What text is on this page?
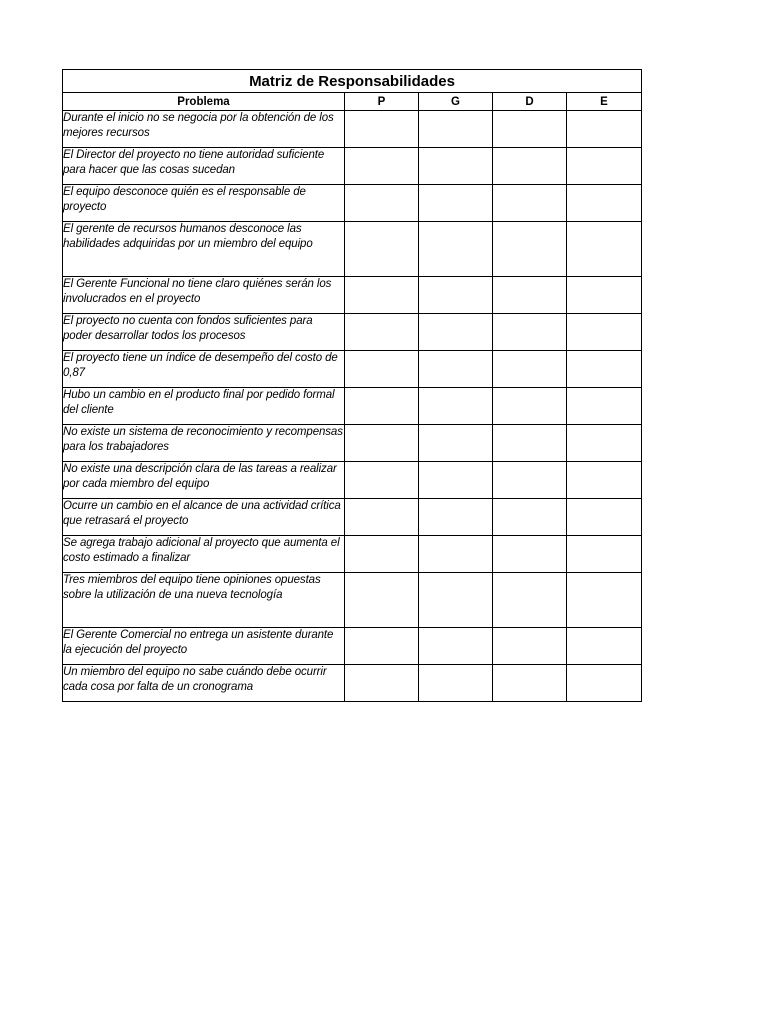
Matriz de Responsabilidades				
Problema	P	G	D	E
Durante el inicio no se negocia por la obtención de los mejores recursos				
El Director del proyecto no tiene autoridad suficiente para hacer que las cosas sucedan				
El equipo desconoce quién es el responsable de proyecto				
El gerente de recursos humanos desconoce las habilidades adquiridas por un miembro del equipo				
El Gerente Funcional no tiene claro quiénes serán los involucrados en el proyecto				
El proyecto no cuenta con fondos suficientes para poder desarrollar todos los procesos				
El proyecto tiene un índice de desempeño del costo de 0,87				
Hubo un cambio en el producto final por pedido formal del cliente				
No existe un sistema de reconocimiento y recompensas para los trabajadores				
No existe una descripción clara de las tareas a realizar por cada miembro del equipo				
Ocurre un cambio en el alcance de una actividad crítica que retrasará el proyecto				
Se agrega trabajo adicional al proyecto que aumenta el costo estimado a finalizar				
Tres miembros del equipo tiene opiniones opuestas sobre la utilización de una nueva tecnología				
El Gerente Comercial no entrega un asistente durante la ejecución del proyecto				
Un miembro del equipo no sabe cuándo debe ocurrir cada cosa por falta de un cronograma				
